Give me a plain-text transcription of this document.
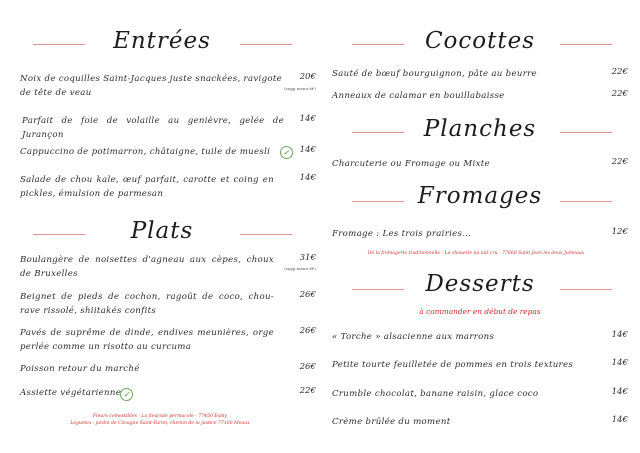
Entrées
Noix de coquilles Saint-Jacques juste snackées, ravigote de tête de veau
20€
(supp menu 6€)
Parfait de foie de volaille au genièvre, gelée de Jurançon
14€
Cappuccino de potimarron, châtaigne, tuile de muesli	✓	14€
Salade de chou kale, œuf parfait, carotte et coing en pickles, émulsion de parmesan
14€
Plats
Boulangère de noisettes d'agneau aux cèpes, choux de Bruxelles
31€
(supp menu 6€)
Beignet de pieds de cochon, ragoût de coco, chou-rave rissolé, shiitakés confits
26€
Pavés de suprême de dinde, endives meunières, orge perlée comme un risotto au curcuma
26€
Poisson retour du marché	26€
Assiette végétarienne ✓	22€
Fleurs comestibles - La fleuriste permacole - 77450 Esbly
Légumes : jardin de Cocagne Saint-Faron, chemin de la justice 77100 Meaux
Cocottes
Sauté de bœuf bourguignon, pâte au beurre	22€
Anneaux de calamar en bouillabaisse	22€
Planches
Charcuterie ou Fromage ou Mixte	22€
Fromages
Fromage : Les trois prairies…	12€
De la fromagerie traditionnelle - La chouette au lait cru - 77660 Saint Jean les deux Jumeaux
Desserts
à commander en début de repas
« Torche » alsacienne aux marrons	14€
Petite tourte feuilletée de pommes en trois textures	14€
Crumble chocolat, banane raisin, glace coco	14€
Crème brûlée du moment	14€
